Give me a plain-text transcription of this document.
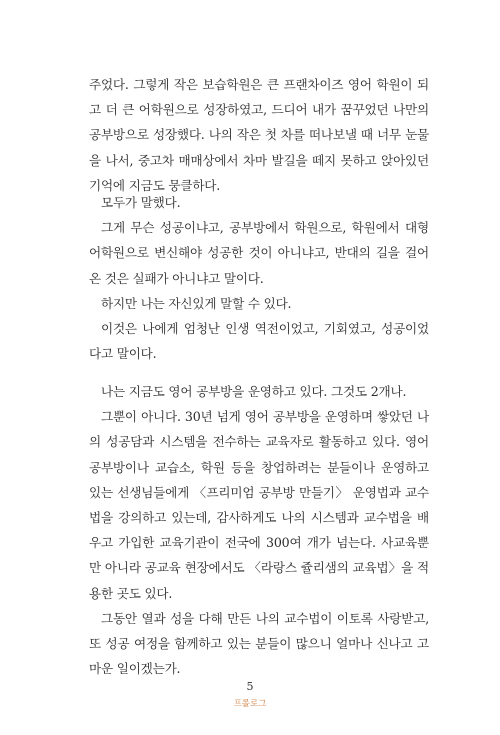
주었다. 그렇게 작은 보습학원은 큰 프랜차이즈 영어 학원이 되고 더 큰 어학원으로 성장하였고, 드디어 내가 꿈꾸었던 나만의 공부방으로 성장했다. 나의 작은 첫 차를 떠나보낼 때 너무 눈물을 나서, 중고차 매매상에서 차마 발길을 떼지 못하고 앉아있던 기억에 지금도 뭉클하다.

모두가 말했다.

그게 무슨 성공이냐고, 공부방에서 학원으로, 학원에서 대형 어학원으로 변신해야 성공한 것이 아니냐고, 반대의 길을 걸어온 것은 실패가 아니냐고 말이다.

하지만 나는 자신있게 말할 수 있다.

이것은 나에게 엄청난 인생 역전이었고, 기회였고, 성공이었다고 말이다.

나는 지금도 영어 공부방을 운영하고 있다. 그것도 2개나.

그뿐이 아니다. 30년 넘게 영어 공부방을 운영하며 쌓았던 나의 성공담과 시스템을 전수하는 교육자로 활동하고 있다. 영어 공부방이나 교습소, 학원 등을 창업하려는 분들이나 운영하고 있는 선생님들에게 〈프리미엄 공부방 만들기〉 운영법과 교수법을 강의하고 있는데, 감사하게도 나의 시스템과 교수법을 배우고 가입한 교육기관이 전국에 300여 개가 넘는다. 사교육뿐만 아니라 공교육 현장에서도 〈라랑스 쥴리샘의 교육법〉을 적용한 곳도 있다.

그동안 열과 성을 다해 만든 나의 교수법이 이토록 사랑받고, 또 성공 여정을 함께하고 있는 분들이 많으니 얼마나 신나고 고마운 일이겠는가.

5
프롤로그
